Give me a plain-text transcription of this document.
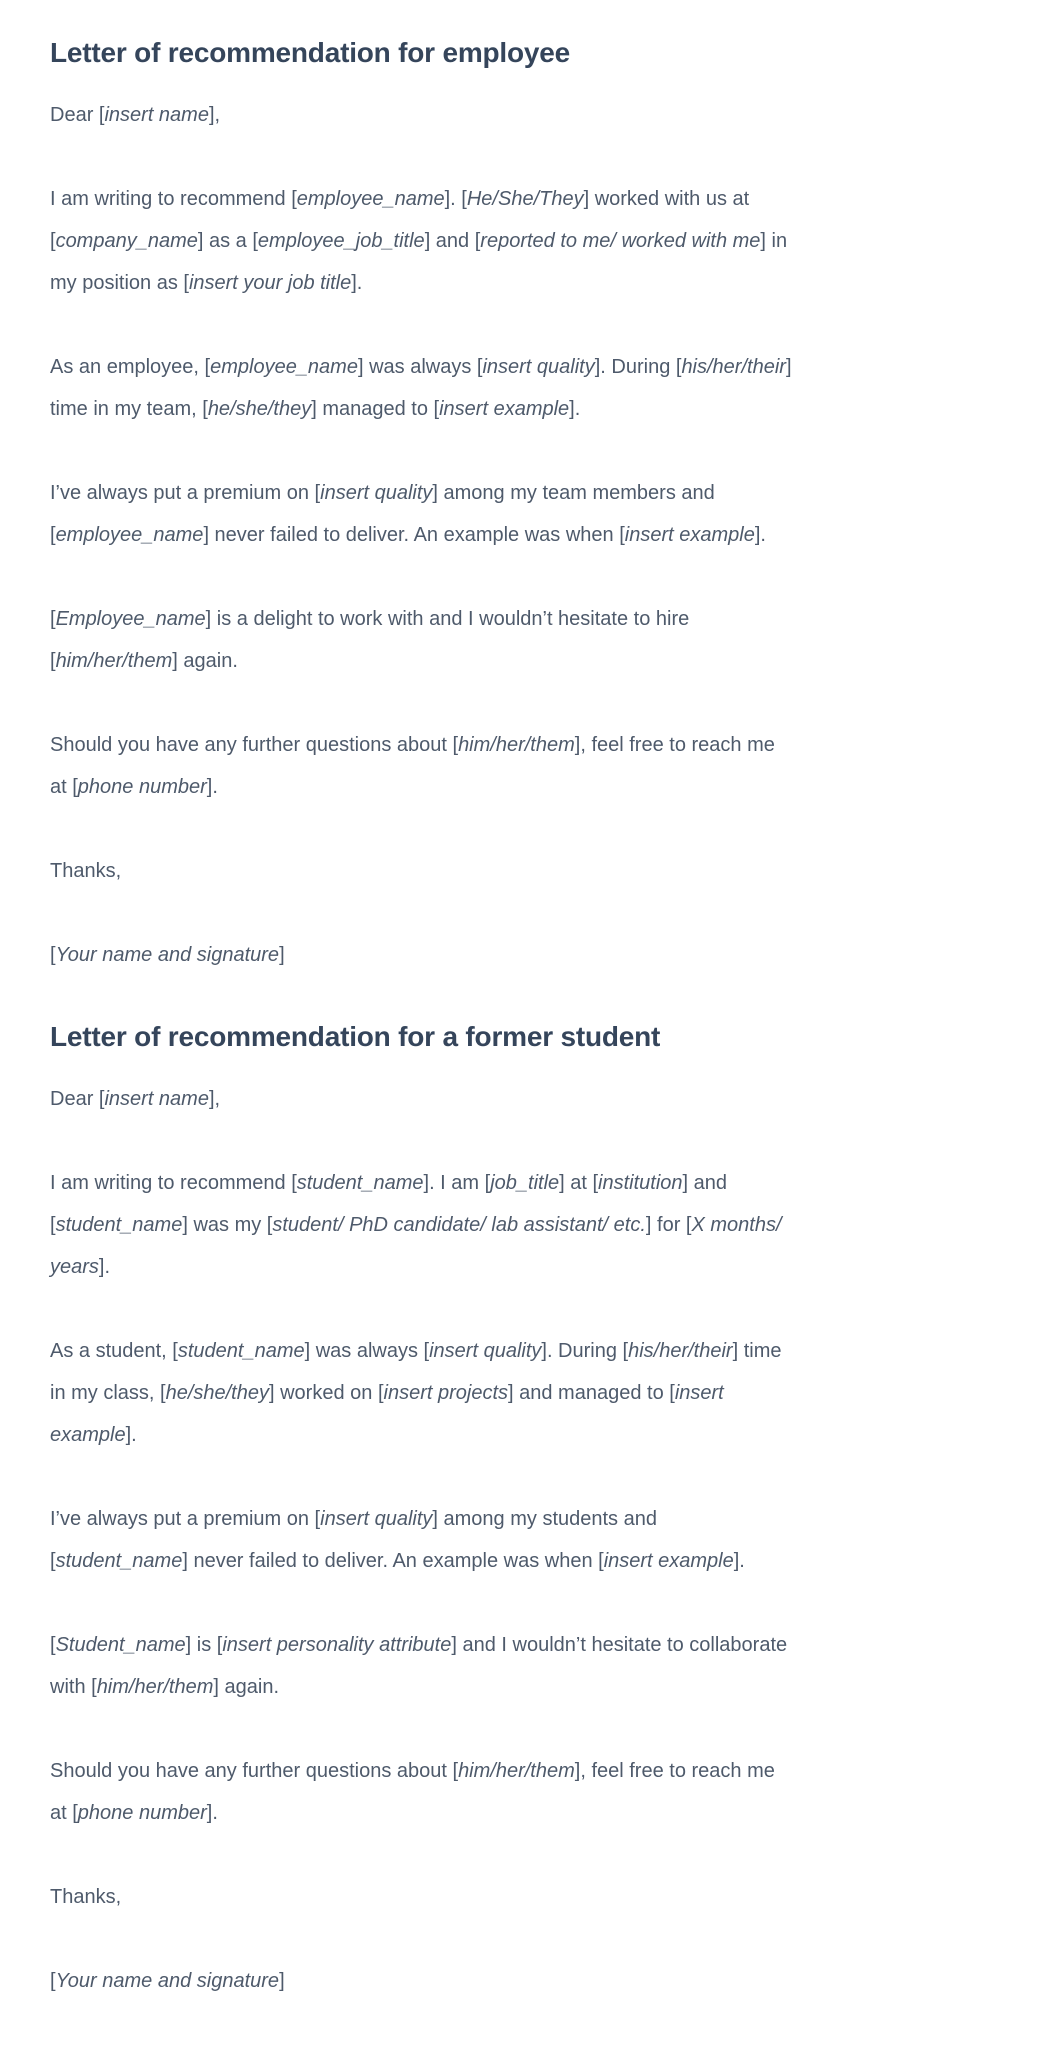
Letter of recommendation for employee
Dear [insert name],
I am writing to recommend [employee_name]. [He/She/They] worked with us at
[company_name] as a [employee_job_title] and [reported to me/ worked with me] in
my position as [insert your job title].
As an employee, [employee_name] was always [insert quality]. During [his/her/their]
time in my team, [he/she/they] managed to [insert example].
I’ve always put a premium on [insert quality] among my team members and
[employee_name] never failed to deliver. An example was when [insert example].
[Employee_name] is a delight to work with and I wouldn’t hesitate to hire
[him/her/them] again.
Should you have any further questions about [him/her/them], feel free to reach me
at [phone number].
Thanks,
[Your name and signature]
Letter of recommendation for a former student
Dear [insert name],
I am writing to recommend [student_name]. I am [job_title] at [institution] and
[student_name] was my [student/ PhD candidate/ lab assistant/ etc.] for [X months/
years].
As a student, [student_name] was always [insert quality]. During [his/her/their] time
in my class, [he/she/they] worked on [insert projects] and managed to [insert
example].
I’ve always put a premium on [insert quality] among my students and
[student_name] never failed to deliver. An example was when [insert example].
[Student_name] is [insert personality attribute] and I wouldn’t hesitate to collaborate
with [him/her/them] again.
Should you have any further questions about [him/her/them], feel free to reach me
at [phone number].
Thanks,
[Your name and signature]
